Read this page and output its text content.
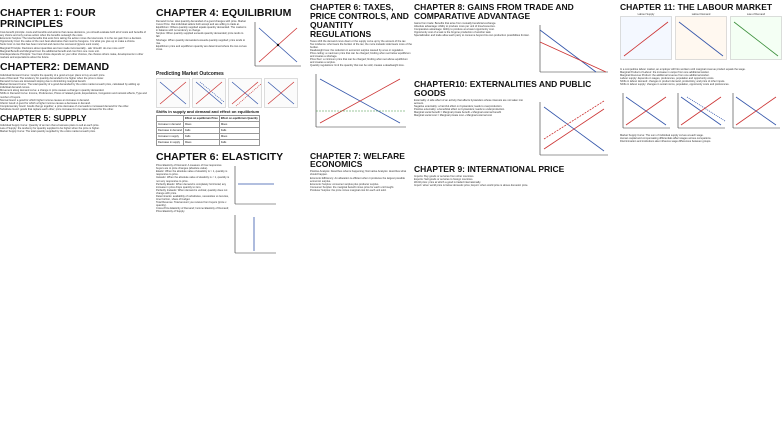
CHAPTER 1: FOUR PRINCIPLES

Cost-benefit principle: costs and benefits and actions that cause decisions, you should evaluate both all of costs and benefits of any choice and only pursue action when the benefits outweigh the costs

Economic Surplus: The total benefits that exist from taking the action minus the total costs. It is the net gain from a decision.

Opportunity Cost: the value of the next best alternative that must be foregone. It is what you give up to make a choice.

Sunk Cost: A cost that has been incurred and cannot be recovered (ignore sunk costs).

Marginal Principle: Decisions about quantities are best made incrementally - ask 'should I do one more unit?'

Marginal Benefit and Marginal Cost: the additional benefit and cost from one more unit.

Interdependence Principle: Your best choice depends on your other choices, the choices others make, developments in other markets and expectations about the future.

CHAPTER2: DEMAND

Individual Demand Curve: Graphs the quantity of a good a buyer plans to buy at each price.

Law of Demand: The tendency for quantity demanded to be higher when the price is lower.

Demand Curves are downward sloping due to diminishing marginal benefit.

Market Demand Curve: The total quantity of a good demanded by the entire market at each price, calculated by adding up individual demand curves.

Movement along demand curve: a change in price causes a change in quantity demanded.

Shifts in Demand Curve: Income, Preferences, Prices of related goods, Expectations, Congestion and network effects, Type and number of buyers.

Normal Good: a good for which higher income causes an increase in demand.

Inferior Good: A good for which a higher income causes a decrease in demand.

Complementary Good: Goods that go together; a price decrease of one leads to increased demand for the other.

Substitute Good: goods that replace each other; price increase for one raises demand for the other.

CHAPTER 5: SUPPLY

Individual Supply Curve: Quantity of an item that a business plans to sell at each price.

Law of Supply: the tendency for quantity supplied to be higher when the price is higher.

Market Supply Curve: The total quantity supplied by the entire market at each price.

CHAPTER 4: EQUILIBRIUM

Demand Curve: How quantity demanded of a good changes with price. Market Curve Price: that individual sellers both accept and are willing to trade at.

Equilibrium: Where quantity supplied equals quantity demanded. The market is in balance with no tendency to change.

Surplus: When quantity supplied exceeds quantity demanded; price tends to fall.

Shortage: When quantity demanded exceeds quantity supplied; price tends to rise.

Equilibrium price and equilibrium quantity are determined where the two curves cross.

Predicting Market Outcomes
Shifts in supply and demand and effect on equilibrium
	Effect on equilibrium Price	Effect on equilibrium Quantity
Increase in demand	Rises	Rises
Decrease in demand	Falls	Falls
Increase in supply	Falls	Rises
Decrease in supply	Rises	Falls
CHAPTER 6: ELASTICITY

Price Elasticity of Demand: A measure of how responsive buyers are to price changes (absolute value).

Elastic: When the absolute value of elasticity is > 1, quantity is responsive to price.

Inelastic: When the absolute value of elasticity is < 1, quantity is not very responsive to price.

Perfectly Elastic: When demand is completely horizontal; any increase in price drops quantity to zero.

Perfectly Inelastic: When demand is vertical; quantity does not change with price.

Determinants: availability of substitutes, necessities vs luxuries, time horizon, share of budget.

Total Revenue: Total amount you receive from buyers (price x quantity).

Cross-Price Elasticity of Demand; Income Elasticity of Demand; Price Elasticity of Supply.

CHAPTER 6: TAXES, PRICE CONTROLS, AND QUANTITY REGULATIONS

Taxes shift the demand curve down or the supply curve up by the amount of the tax.

Tax incidence: who bears the burden of the tax; the more inelastic side bears more of the burden.

Deadweight loss: the reduction in economic surplus caused by a tax or regulation.

Price ceiling: a maximum price that can be charged; binding when set below equilibrium and creates a shortage.

Price floor: a minimum price that can be charged; binding when set above equilibrium and creates a surplus.

Quantity regulations: limit the quantity that can be sold; creates a deadweight loss.

CHAPTER 7: WELFARE ECONOMICS

Positive Analysis: Describes what is happening; Normative Analysis: describes what should happen.

Economic Efficiency: An allocation is efficient when it produces the largest possible economic surplus.

Economic Surplus: consumer surplus plus producer surplus.

Consumer Surplus: the marginal benefit minus price for each unit bought.

Producer Surplus: the price minus marginal cost for each unit sold.

CHAPTER 8: GAINS FROM TRADE AND COMPARATIVE ADVANTAGE

Gains from trade: Benefits that arise from mutually beneficial exchange.

Absolute advantage: Ability to produce more per unit of time/resources.

Comparative advantage: Ability to produce at a lower opportunity cost.

Opportunity cost of a task is the forgone production of another task.

Specialization and trade allow each party to consume beyond its own production possibilities frontier.

CHAPTER10: EXTERNALITIES AND PUBLIC GOODS

Externality: A side effect of an activity that affects bystanders whose interests are not taken into account.

Negative externality: a harmful effect on bystanders; leads to overproduction.

Positive externality: a beneficial effect on bystanders; leads to underproduction.

Marginal social benefit = Marginal private benefit + Marginal external benefit

Marginal social cost = Marginal private cost + Marginal external cost

CHAPTER 9: INTERNATIONAL PRICE

Imports: Buy goods or services from other countries.

Exports: Sell goods or services to foreign countries.

World price: price at which a good is traded internationally.

Import: when world price is below domestic price; Export: when world price is above domestic price.

CHAPTER 11: THE LABOUR MARKET
Labour Supply	Labour Demand	Law of Demand

In a competitive labour market, an employer will hire workers until marginal revenue product equals the wage.

Marginal Product of Labour: the increase in output from one additional worker.

Marginal Revenue Product: the additional revenue from one additional worker.

Labour supply: depends on wages, preferences, population and opportunity costs.

Shifts in labour demand: changes in product demand, productivity, and price of other inputs.

Shifts in labour supply: changes in social norms, population, opportunity costs and preferences.

Market Supply Curve: The sum of individual supply curves at each wage.

Human capital and compensating differentials affect wages across occupations.

Discrimination and institutions also influence wage differences between groups.
